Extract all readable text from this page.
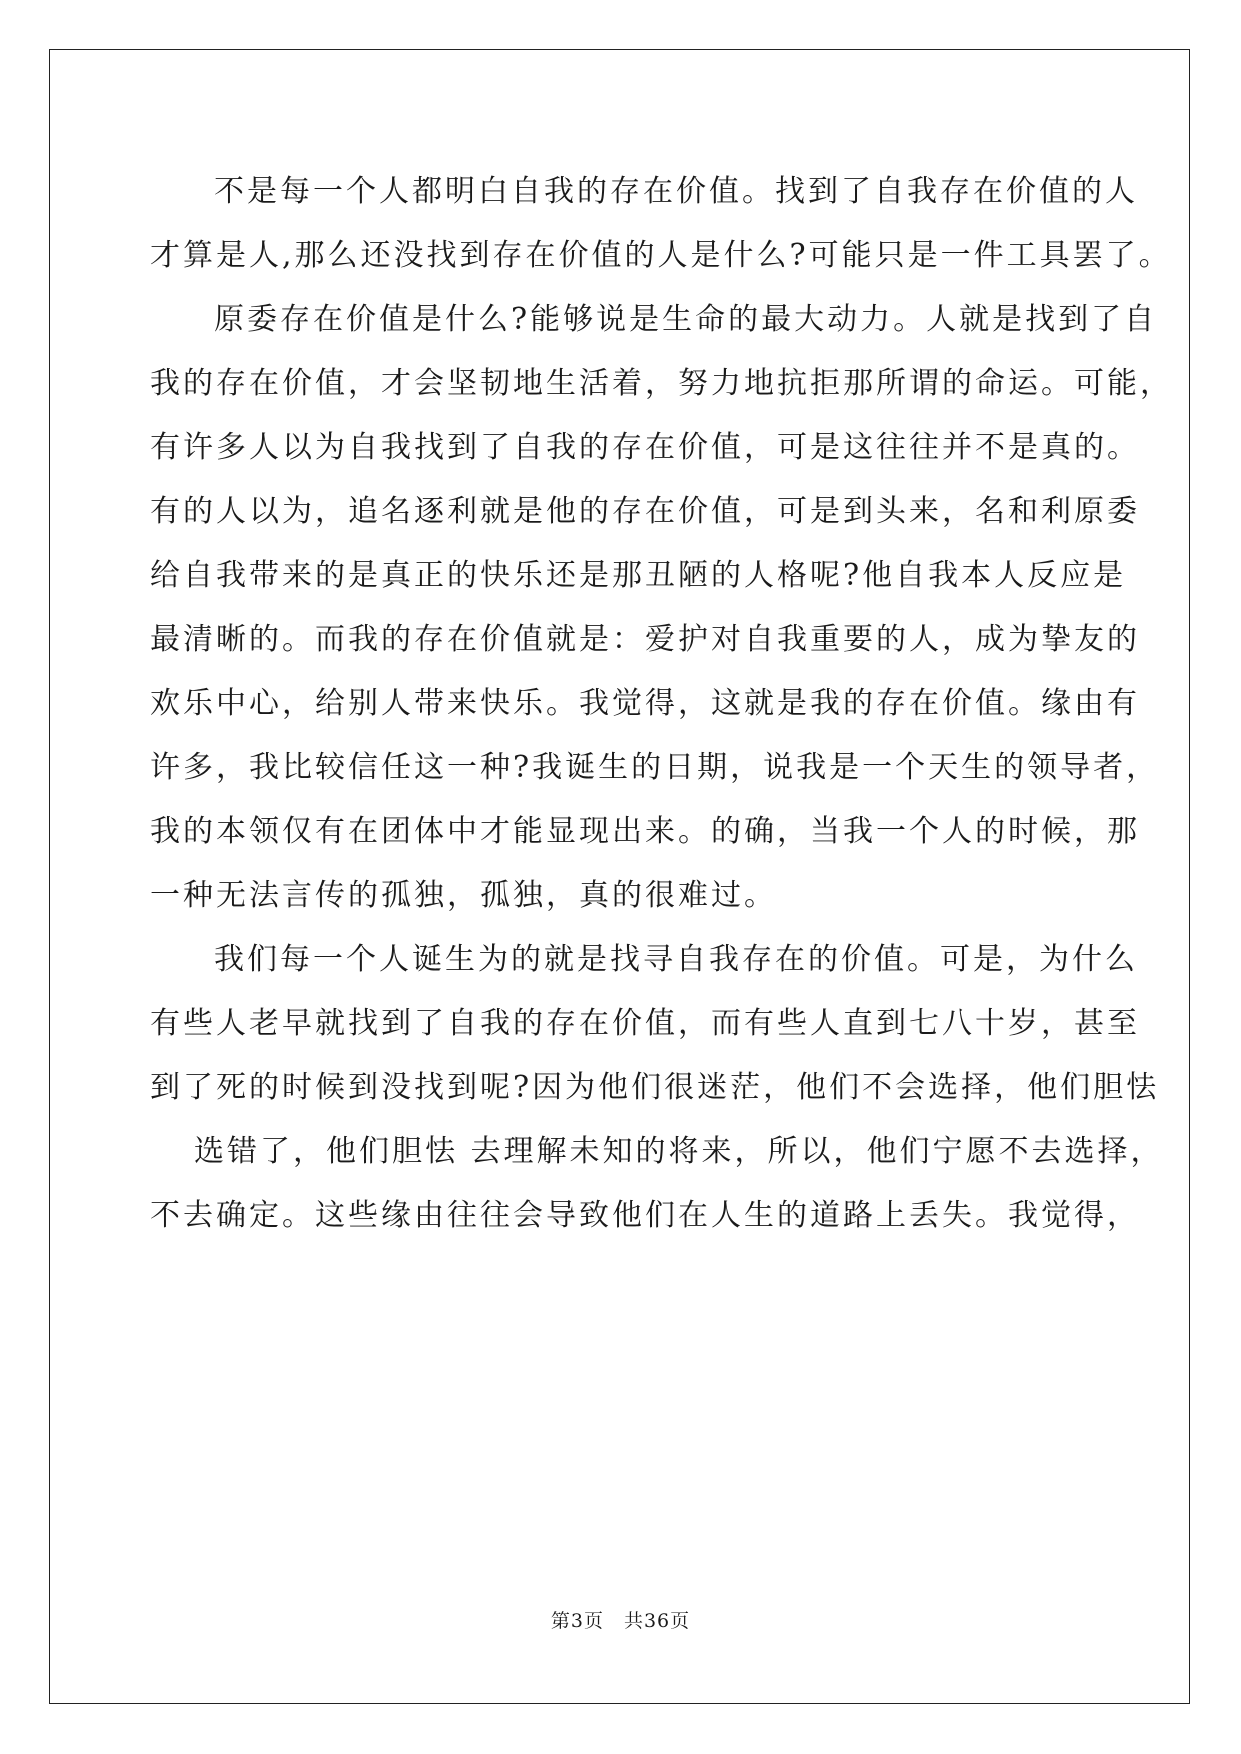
不是每一个人都明白自我的存在价值。找到了自我存在价值的人
才算是人,那么还没找到存在价值的人是什么?可能只是一件工具罢了。
原委存在价值是什么?能够说是生命的最大动力。人就是找到了自
我的存在价值，才会坚韧地生活着，努力地抗拒那所谓的命运。可能，
有许多人以为自我找到了自我的存在价值，可是这往往并不是真的。
有的人以为，追名逐利就是他的存在价值，可是到头来，名和利原委
给自我带来的是真正的快乐还是那丑陋的人格呢?他自我本人反应是
最清晰的。而我的存在价值就是：爱护对自我重要的人，成为挚友的
欢乐中心，给别人带来快乐。我觉得，这就是我的存在价值。缘由有
许多，我比较信任这一种?我诞生的日期，说我是一个天生的领导者，
我的本领仅有在团体中才能显现出来。的确，当我一个人的时候，那
一种无法言传的孤独，孤独，真的很难过。
我们每一个人诞生为的就是找寻自我存在的价值。可是，为什么
有些人老早就找到了自我的存在价值，而有些人直到七八十岁，甚至
到了死的时候到没找到呢?因为他们很迷茫，他们不会选择，他们胆怯
选错了，他们胆怯 去理解未知的将来，所以，他们宁愿不去选择，
不去确定。这些缘由往往会导致他们在人生的道路上丢失。我觉得，
第3页 共36页
